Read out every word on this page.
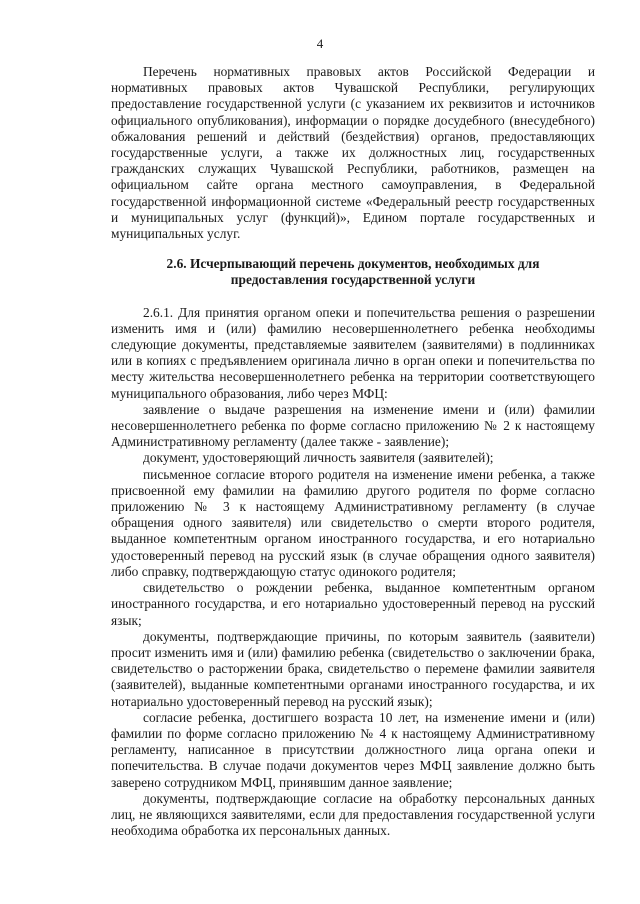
4

Перечень нормативных правовых актов Российской Федерации и нормативных правовых актов Чувашской Республики, регулирующих предоставление государственной услуги (с указанием их реквизитов и источников официального опубликования), информации о порядке досудебного (внесудебного) обжалования решений и действий (бездействия) органов, предоставляющих государственные услуги, а также их должностных лиц, государственных гражданских служащих Чувашской Республики, работников, размещен на официальном сайте органа местного самоуправления, в Федеральной государственной информационной системе «Федеральный реестр государственных и муниципальных услуг (функций)», Едином портале государственных и муниципальных услуг.

2.6. Исчерпывающий перечень документов, необходимых для предоставления государственной услуги

2.6.1. Для принятия органом опеки и попечительства решения о разрешении изменить имя и (или) фамилию несовершеннолетнего ребенка необходимы следующие документы, представляемые заявителем (заявителями) в подлинниках или в копиях с предъявлением оригинала лично в орган опеки и попечительства по месту жительства несовершеннолетнего ребенка на территории соответствующего муниципального образования, либо через МФЦ:

заявление о выдаче разрешения на изменение имени и (или) фамилии несовершеннолетнего ребенка по форме согласно приложению № 2 к настоящему Административному регламенту (далее также - заявление);

документ, удостоверяющий личность заявителя (заявителей);

письменное согласие второго родителя на изменение имени ребенка, а также присвоенной ему фамилии на фамилию другого родителя по форме согласно приложению № 3 к настоящему Административному регламенту (в случае обращения одного заявителя) или свидетельство о смерти второго родителя, выданное компетентным органом иностранного государства, и его нотариально удостоверенный перевод на русский язык (в случае обращения одного заявителя) либо справку, подтверждающую статус одинокого родителя;

свидетельство о рождении ребенка, выданное компетентным органом иностранного государства, и его нотариально удостоверенный перевод на русский язык;

документы, подтверждающие причины, по которым заявитель (заявители) просит изменить имя и (или) фамилию ребенка (свидетельство о заключении брака, свидетельство о расторжении брака, свидетельство о перемене фамилии заявителя (заявителей), выданные компетентными органами иностранного государства, и их нотариально удостоверенный перевод на русский язык);

согласие ребенка, достигшего возраста 10 лет, на изменение имени и (или) фамилии по форме согласно приложению № 4 к настоящему Административному регламенту, написанное в присутствии должностного лица органа опеки и попечительства. В случае подачи документов через МФЦ заявление должно быть заверено сотрудником МФЦ, принявшим данное заявление;

документы, подтверждающие согласие на обработку персональных данных лиц, не являющихся заявителями, если для предоставления государственной услуги необходима обработка их персональных данных.
